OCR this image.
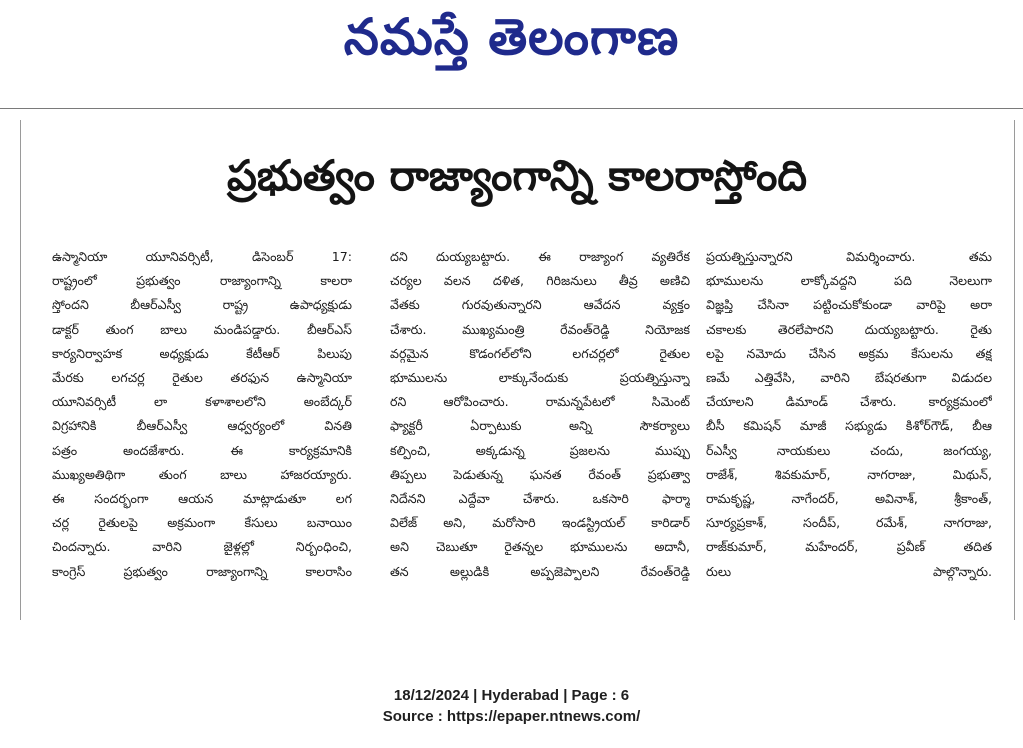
నమస్తే తెలంగాణ
ప్రభుత్వం రాజ్యాంగాన్ని కాలరాస్తోంది
ఉస్మానియా యూనివర్సిటీ, డిసెంబర్ 17:
రాష్ట్రంలో ప్రభుత్వం రాజ్యాంగాన్ని కాలరా
స్తోందని బీఆర్ఎస్వీ రాష్ట్ర ఉపాధ్యక్షుడు
డాక్టర్ తుంగ బాలు మండిపడ్డారు. బీఆర్ఎస్
కార్యనిర్వాహక అధ్యక్షుడు కేటీఆర్ పిలుపు
మేరకు లగచర్ల రైతుల తరఫున ఉస్మానియా
యూనివర్సిటీ లా కళాశాలలోని అంబేద్కర్
విగ్రహానికి బీఆర్ఎస్వీ ఆధ్వర్యంలో వినతి
పత్రం అందజేశారు. ఈ కార్యక్రమానికి
ముఖ్యఅతిథిగా తుంగ బాలు హాజరయ్యారు.
ఈ సందర్భంగా ఆయన మాట్లాడుతూ లగ
చర్ల రైతులపై అక్రమంగా కేసులు బనాయిం
చిందన్నారు. వారిని జైళ్లల్లో నిర్బంధించి,
కాంగ్రెస్ ప్రభుత్వం రాజ్యాంగాన్ని కాలరాసిం
దని దుయ్యబట్టారు. ఈ రాజ్యాంగ వ్యతిరేక
చర్యల వలన దళిత, గిరిజనులు తీవ్ర అణిచి
వేతకు గురవుతున్నారని ఆవేదన వ్యక్తం
చేశారు. ముఖ్యమంత్రి రేవంత్‌రెడ్డి నియోజక
వర్గమైన కొడంగల్‌లోని లగచర్లలో రైతుల
భూములను లాక్కునేందుకు ప్రయత్నిస్తున్నా
రని ఆరోపించారు. రామన్నపేటలో సిమెంట్
ఫ్యాక్టరీ ఏర్పాటుకు అన్ని సౌకర్యాలు
కల్పించి, అక్కడున్న ప్రజలను ముప్పు
తిప్పలు పెడుతున్న ఘనత రేవంత్ ప్రభుత్వా
నిదేనని ఎద్దేవా చేశారు. ఒకసారి ఫార్మా
విలేజ్ అని, మరోసారి ఇండస్ట్రియల్ కారిడార్
అని చెబుతూ రైతన్నల భూములను అదానీ,
తన అల్లుడికి అప్పజెప్పాలని రేవంత్‌రెడ్డి
ప్రయత్నిస్తున్నారని విమర్శించారు. తమ
భూములను లాక్కోవద్దని పది నెలలుగా
విజ్ఞప్తి చేసినా పట్టించుకోకుండా వారిపై అరా
చకాలకు తెరలేపారని దుయ్యబట్టారు. రైతు
లపై నమోదు చేసిన అక్రమ కేసులను తక్ష
ణమే ఎత్తివేసి, వారిని బేషరతుగా విడుదల
చేయాలని డిమాండ్ చేశారు. కార్యక్రమంలో
బీసీ కమిషన్ మాజీ సభ్యుడు కిశోర్‌గౌడ్, బీఆ
ర్ఎస్వీ నాయకులు చందు, జంగయ్య,
రాజేశ్, శివకుమార్, నాగరాజు, మిథున్,
రామకృష్ణ, నాగేందర్, అవినాశ్, శ్రీకాంత్,
సూర్యప్రకాశ్, సందీప్, రమేశ్, నాగరాజు,
రాజ్‌కుమార్, మహేందర్, ప్రవీణ్ తదిత
రులు పాల్గొన్నారు.
18/12/2024 | Hyderabad | Page : 6
Source : https://epaper.ntnews.com/
